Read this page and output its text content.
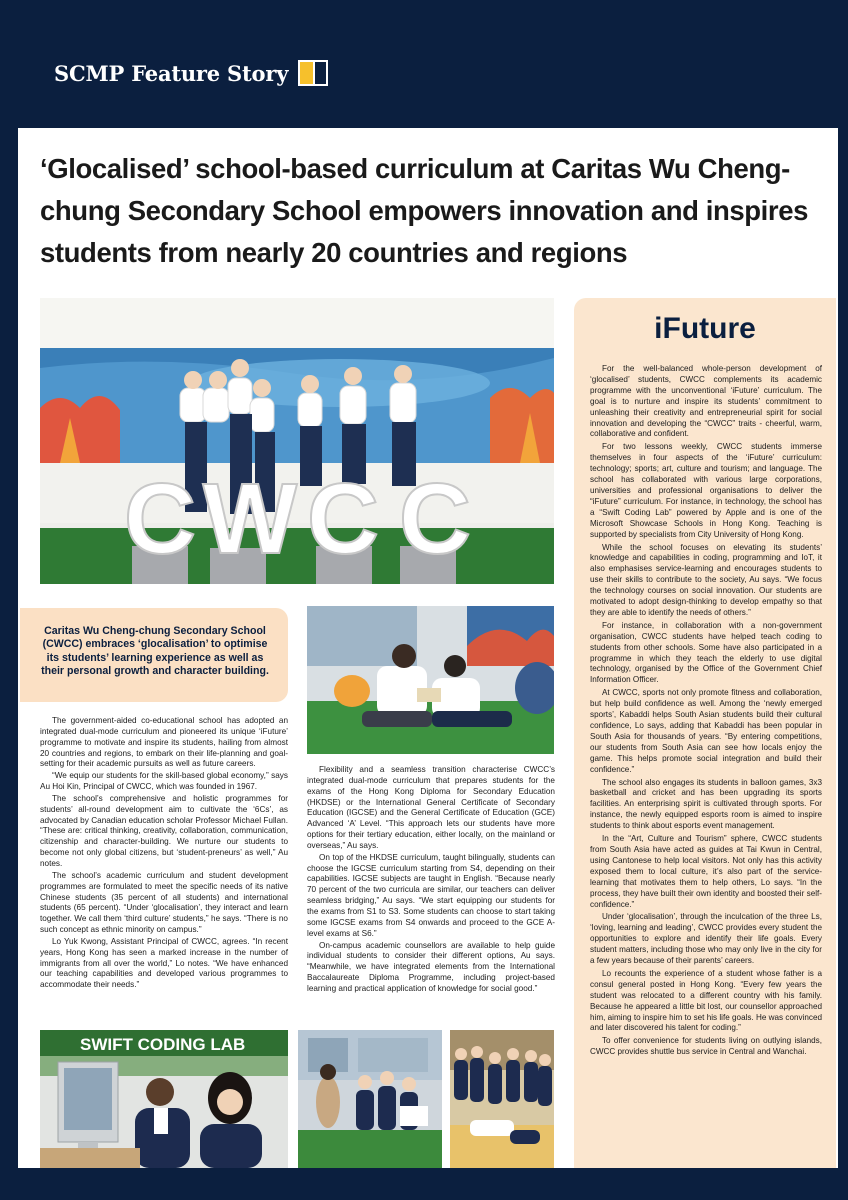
SCMP Feature Story
‘Glocalised’ school-based curriculum at Caritas Wu Cheng-chung Secondary School empowers innovation and inspires students from nearly 20 countries and regions
C W C C
iFuture

For the well-balanced whole-person development of ‘glocalised’ students, CWCC complements its academic programme with the unconventional ‘iFuture’ curriculum. The goal is to nurture and inspire its students’ commitment to unleashing their creativity and entrepreneurial spirit for social innovation and developing the “CWCC” traits - cheerful, warm, collaborative and confident.

For two lessons weekly, CWCC students immerse themselves in four aspects of the ‘iFuture’ curriculum: technology; sports; art, culture and tourism; and language. The school has collaborated with various large corporations, universities and professional organisations to deliver the “iFuture” curriculum. For instance, in technology, the school has a “Swift Coding Lab” powered by Apple and is one of the Microsoft Showcase Schools in Hong Kong. Teaching is supported by specialists from City University of Hong Kong.

While the school focuses on elevating its students’ knowledge and capabilities in coding, programming and IoT, it also emphasises service-learning and encourages students to use their skills to contribute to the society, Au says. “We focus the technology courses on social innovation. Our students are motivated to adopt design-thinking to develop empathy so that they are able to identify the needs of others.”

For instance, in collaboration with a non-government organisation, CWCC students have helped teach coding to students from other schools. Some have also participated in a programme in which they teach the elderly to use digital technology, organised by the Office of the Government Chief Information Officer.

At CWCC, sports not only promote fitness and collaboration, but help build confidence as well. Among the ‘newly emerged sports’, Kabaddi helps South Asian students build their cultural confidence, Lo says, adding that Kabaddi has been popular in South Asia for thousands of years. “By entering competitions, our students from South Asia can see how locals enjoy the game. This helps promote social integration and build their confidence.”

The school also engages its students in balloon games, 3x3 basketball and cricket and has been upgrading its sports facilities. An enterprising spirit is cultivated through sports. For instance, the newly equipped esports room is aimed to inspire students to think about esports event management.

In the “Art, Culture and Tourism” sphere, CWCC students from South Asia have acted as guides at Tai Kwun in Central, using Cantonese to help local visitors. Not only has this activity exposed them to local culture, it’s also part of the service-learning that motivates them to help others, Lo says. “In the process, they have built their own identity and boosted their self-confidence.”

Under ‘glocalisation’, through the inculcation of the three Ls, ‘loving, learning and leading’, CWCC provides every student the opportunities to explore and identify their life goals. Every student matters, including those who may only live in the city for a few years because of their parents’ careers.

Lo recounts the experience of a student whose father is a consul general posted in Hong Kong. “Every few years the student was relocated to a different country with his family. Because he appeared a little bit lost, our counsellor approached him, aiming to inspire him to set his life goals. He was convinced and later discovered his talent for coding.”

To offer convenience for students living on outlying islands, CWCC provides shuttle bus service in Central and Wanchai.

Caritas Wu Cheng-chung Secondary School (CWCC) embraces ‘glocalisation’ to optimise its students’ learning experience as well as their personal growth and character building.

The government-aided co-educational school has adopted an integrated dual-mode curriculum and pioneered its unique ‘iFuture’ programme to motivate and inspire its students, hailing from almost 20 countries and regions, to embark on their life-planning and goal-setting for their academic pursuits as well as future careers.

“We equip our students for the skill-based global economy,” says Au Hoi Kin, Principal of CWCC, which was founded in 1967.

The school’s comprehensive and holistic programmes for students’ all-round development aim to cultivate the ‘6Cs’, as advocated by Canadian education scholar Professor Michael Fullan. “These are: critical thinking, creativity, collaboration, communication, citizenship and character-building. We nurture our students to become not only global citizens, but ‘student-preneurs’ as well,” Au notes.

The school’s academic curriculum and student development programmes are formulated to meet the specific needs of its native Chinese students (35 percent of all students) and international students (65 percent). “Under ‘glocalisation’, they interact and learn together. We call them ‘third culture’ students,” he says. “There is no such concept as ethnic minority on campus.”

Lo Yuk Kwong, Assistant Principal of CWCC, agrees. “In recent years, Hong Kong has seen a marked increase in the number of immigrants from all over the world,” Lo notes. “We have enhanced our teaching capabilities and developed various programmes to accommodate their needs.”

Flexibility and a seamless transition characterise CWCC’s integrated dual-mode curriculum that prepares students for the exams of the Hong Kong Diploma for Secondary Education (HKDSE) or the International General Certificate of Secondary Education (IGCSE) and the General Certificate of Education (GCE) Advanced ‘A’ Level. “This approach lets our students have more options for their tertiary education, either locally, on the mainland or overseas,” Au says.

On top of the HKDSE curriculum, taught bilingually, students can choose the IGCSE curriculum starting from S4, depending on their capabilities. IGCSE subjects are taught in English. “Because nearly 70 percent of the two curricula are similar, our teachers can deliver seamless bridging,” Au says. “We start equipping our students for the exams from S1 to S3. Some students can choose to start taking some IGCSE exams from S4 onwards and proceed to the GCE A-level exams at S6.”

On-campus academic counsellors are available to help guide individual students to consider their different options, Au says. “Meanwhile, we have integrated elements from the International Baccalaureate Diploma Programme, including project-based learning and practical application of knowledge for social good.”

SWIFT CODING LAB
